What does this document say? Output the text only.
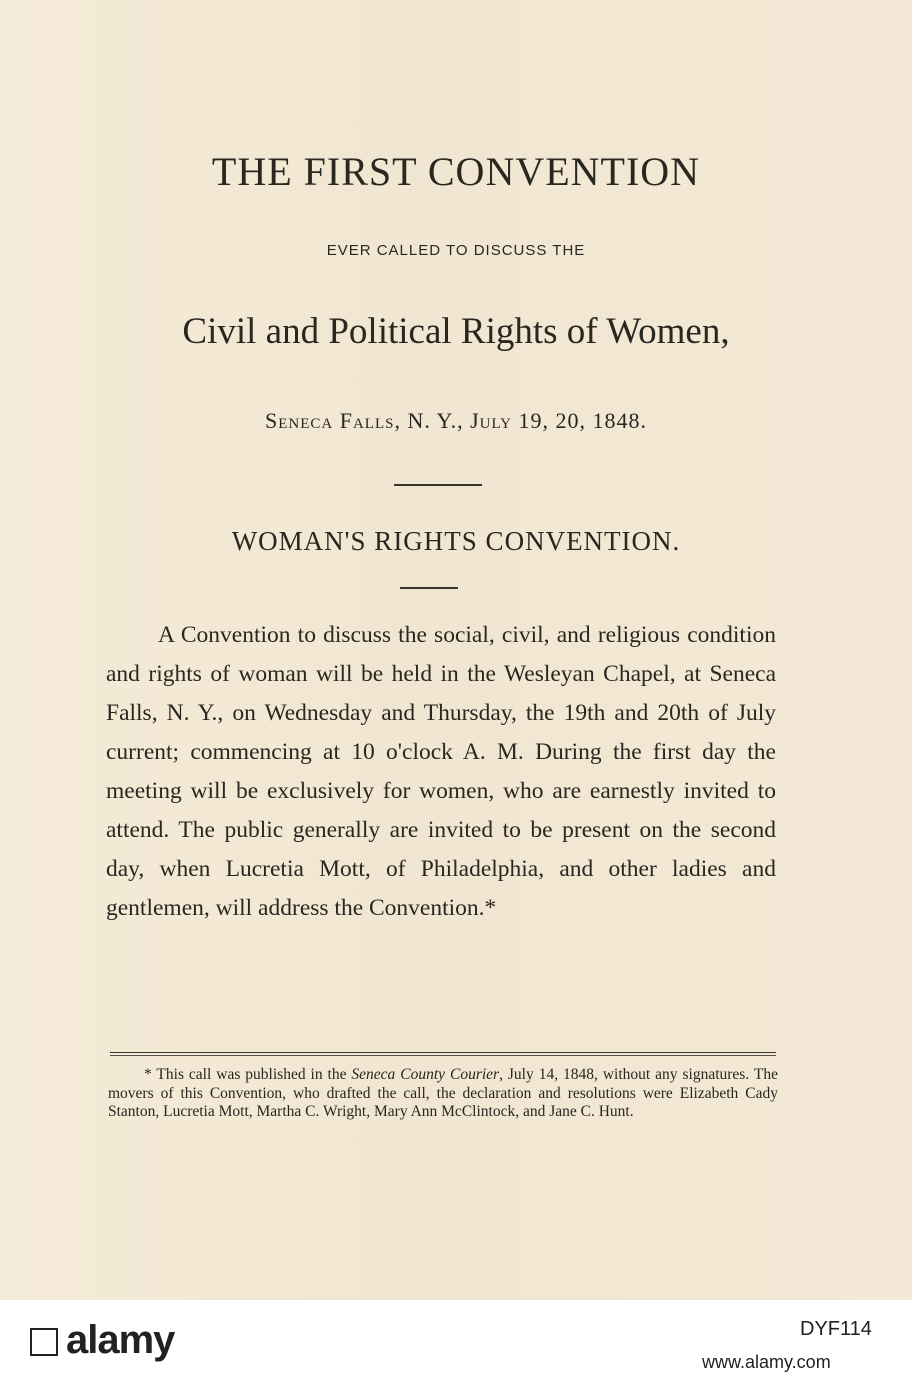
THE FIRST CONVENTION
EVER CALLED TO DISCUSS THE
Civil and Political Rights of Women,
Seneca Falls, N. Y., July 19, 20, 1848.
WOMAN'S RIGHTS CONVENTION.
A Convention to discuss the social, civil, and religious condition and rights of woman will be held in the Wesleyan Chapel, at Seneca Falls, N. Y., on Wednesday and Thursday, the 19th and 20th of July current; commencing at 10 o'clock A. M. During the first day the meeting will be exclusively for women, who are earnestly invited to attend. The public generally are invited to be present on the second day, when Lucretia Mott, of Philadelphia, and other ladies and gentlemen, will address the Convention.*
* This call was published in the Seneca County Courier, July 14, 1848, without any signatures. The movers of this Convention, who drafted the call, the declaration and resolutions were Elizabeth Cady Stanton, Lucretia Mott, Martha C. Wright, Mary Ann McClintock, and Jane C. Hunt.
alamy	DYF114
www.alamy.com
